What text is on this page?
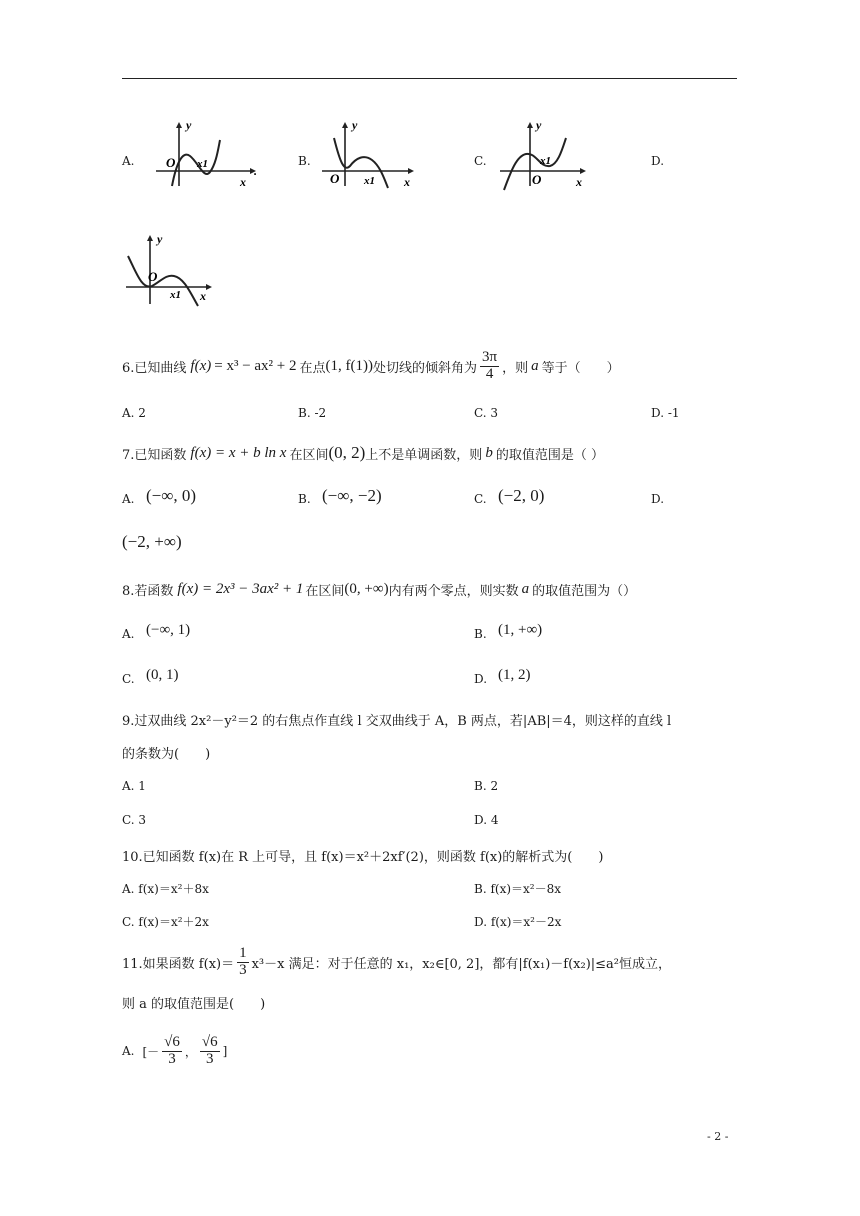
A.
y
x
O x1	.
B.
y
x
O x1
C.
y
x
O
x1	D.
y
x
O
x1
6.已知曲线 f(x) = x³ − ax² + 2 在点 (1, f(1)) 处切线的倾斜角为 $\frac{3\pi}{4}$ ，则 a 等于（　　）
A. 2	B. -2	C. 3	D. -1
7.已知函数 f(x) = x + b ln x 在区间 (0, 2) 上不是单调函数，则 b 的取值范围是（ ）
A. (−∞, 0)	B. (−∞, −2)	C. (−2, 0)	D.
(−2, +∞)
8.若函数 f(x) = 2x³ − 3ax² + 1 在区间 (0, +∞) 内有两个零点，则实数 a 的取值范围为（）
A. (−∞, 1)	B. (1, +∞)
C. (0, 1)	D. (1, 2)
9.过双曲线 2x²－y²＝2 的右焦点作直线 l 交双曲线于 A，B 两点，若|AB|＝4，则这样的直线 l
的条数为(　　)
A. 1	B. 2
C. 3	D. 4
10.已知函数 f(x)在 R 上可导，且 f(x)＝x²＋2xf′(2)，则函数 f(x)的解析式为(　　)
A. f(x)＝x²＋8x	B. f(x)＝x²－8x
C. f(x)＝x²＋2x	D. f(x)＝x²－2x
11.如果函数 $f(x)= \frac{1}{3} x^3-x$ 满足：对于任意的 x₁，x₂∈[0, 2]，都有|f(x₁)－f(x₂)|≤a²恒成立，
则 a 的取值范围是(　　)
A. [－ $\frac{√6}{3}$ ， $\frac{√6}{3}$ ]
- 2 -
